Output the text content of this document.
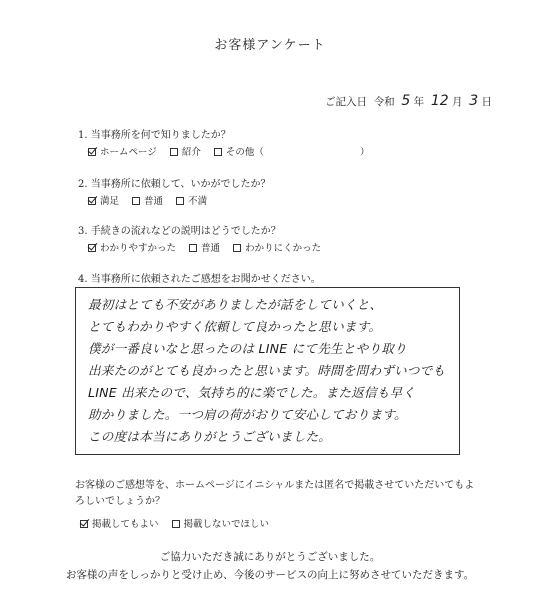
お客様アンケート
ご記入日 令和 5 年 12 月 3 日
1. 当事務所を何で知りましたか？
ホームページ	紹介	その他（	）
2. 当事務所に依頼して、いかがでしたか？
満足	普通	不満
3. 手続きの流れなどの説明はどうでしたか？
わかりやすかった	普通	わかりにくかった
4. 当事務所に依頼されたご感想をお聞かせください。
最初はとても不安がありましたが話をしていくと、
とてもわかりやすく依頼して良かったと思います。
僕が一番良いなと思ったのは LINE にて先生とやり取り
出来たのがとても良かったと思います。時間を問わずいつでも
LINE 出来たので、気持ち的に楽でした。また返信も早く
助かりました。一つ肩の荷がおりて安心しております。
この度は本当にありがとうございました。
お客様のご感想等を、ホームページにイニシャルまたは匿名で掲載させていただいてもよ
ろしいでしょうか？
掲載してもよい	掲載しないでほしい
ご協力いただき誠にありがとうございました。
お客様の声をしっかりと受け止め、今後のサービスの向上に努めさせていただきます。
